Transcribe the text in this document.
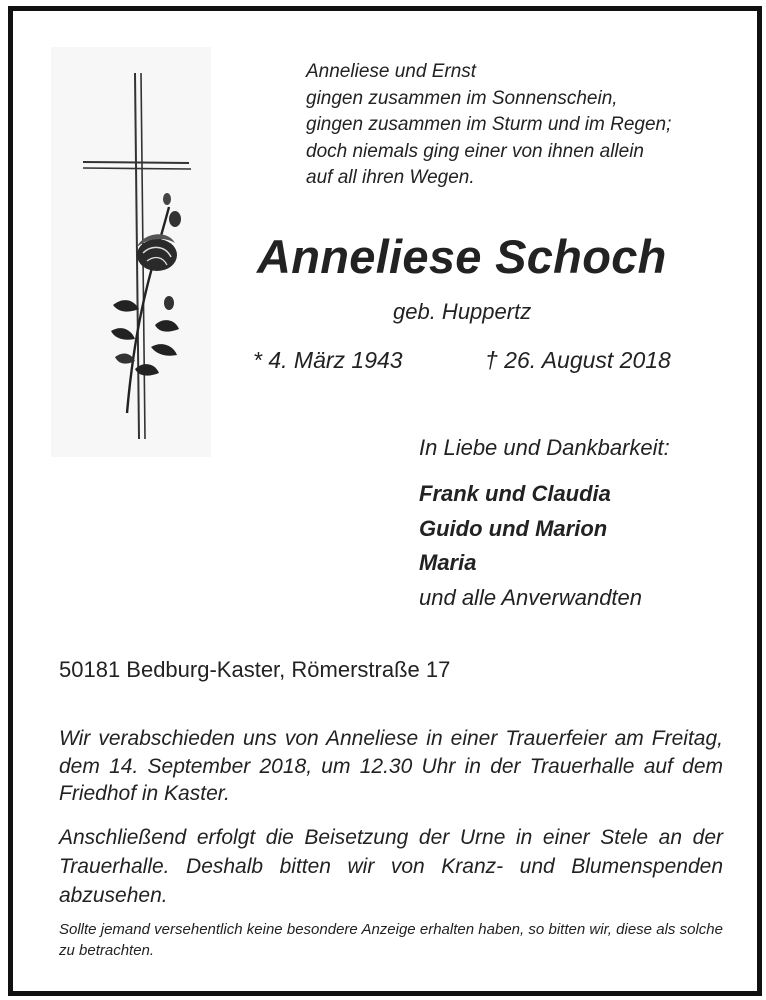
Anneliese und Ernst
gingen zusammen im Sonnenschein,
gingen zusammen im Sturm und im Regen;
doch niemals ging einer von ihnen allein
auf all ihren Wegen.
Anneliese Schoch
geb. Huppertz
* 4. März 1943	† 26. August 2018
In Liebe und Dankbarkeit:
Frank und Claudia
Guido und Marion
Maria
und alle Anverwandten
50181 Bedburg-Kaster, Römerstraße 17
Wir verabschieden uns von Anneliese in einer Trauerfeier am Freitag, dem 14. September 2018, um 12.30 Uhr in der Trauerhalle auf dem Friedhof in Kaster.
Anschließend erfolgt die Beisetzung der Urne in einer Stele an der Trauerhalle. Deshalb bitten wir von Kranz- und Blumenspenden abzusehen.
Sollte jemand versehentlich keine besondere Anzeige erhalten haben, so bitten wir, diese als solche zu betrachten.
